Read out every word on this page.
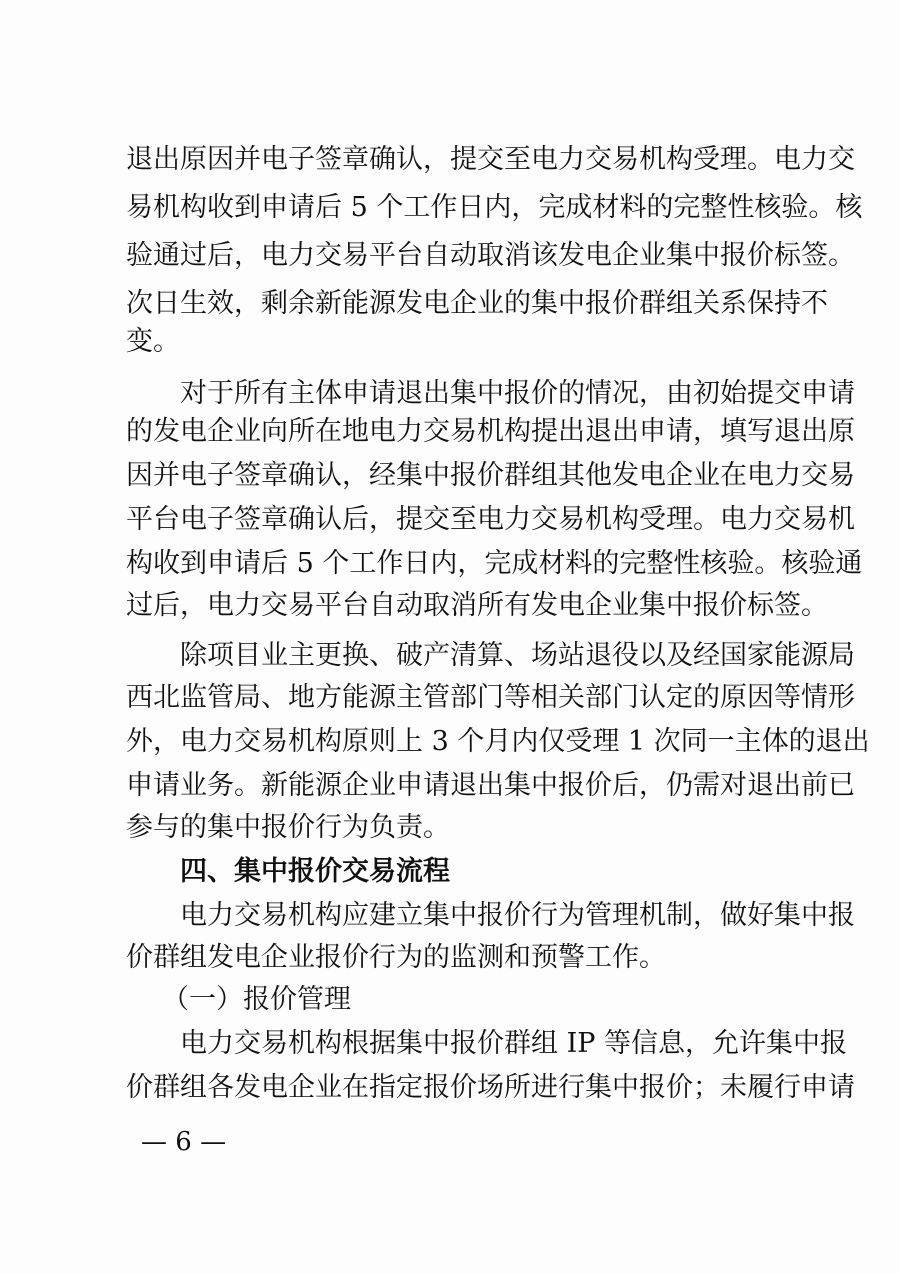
退出原因并电子签章确认，提交至电力交易机构受理。电力交
易机构收到申请后 5 个工作日内，完成材料的完整性核验。核
验通过后，电力交易平台自动取消该发电企业集中报价标签。
次日生效，剩余新能源发电企业的集中报价群组关系保持不
变。
对于所有主体申请退出集中报价的情况，由初始提交申请
的发电企业向所在地电力交易机构提出退出申请，填写退出原
因并电子签章确认，经集中报价群组其他发电企业在电力交易
平台电子签章确认后，提交至电力交易机构受理。电力交易机
构收到申请后 5 个工作日内，完成材料的完整性核验。核验通
过后，电力交易平台自动取消所有发电企业集中报价标签。
除项目业主更换、破产清算、场站退役以及经国家能源局
西北监管局、地方能源主管部门等相关部门认定的原因等情形
外，电力交易机构原则上 3 个月内仅受理 1 次同一主体的退出
申请业务。新能源企业申请退出集中报价后，仍需对退出前已
参与的集中报价行为负责。
四、集中报价交易流程
电力交易机构应建立集中报价行为管理机制，做好集中报
价群组发电企业报价行为的监测和预警工作。
（一）报价管理
电力交易机构根据集中报价群组 IP 等信息，允许集中报
价群组各发电企业在指定报价场所进行集中报价；未履行申请
— 6 —
